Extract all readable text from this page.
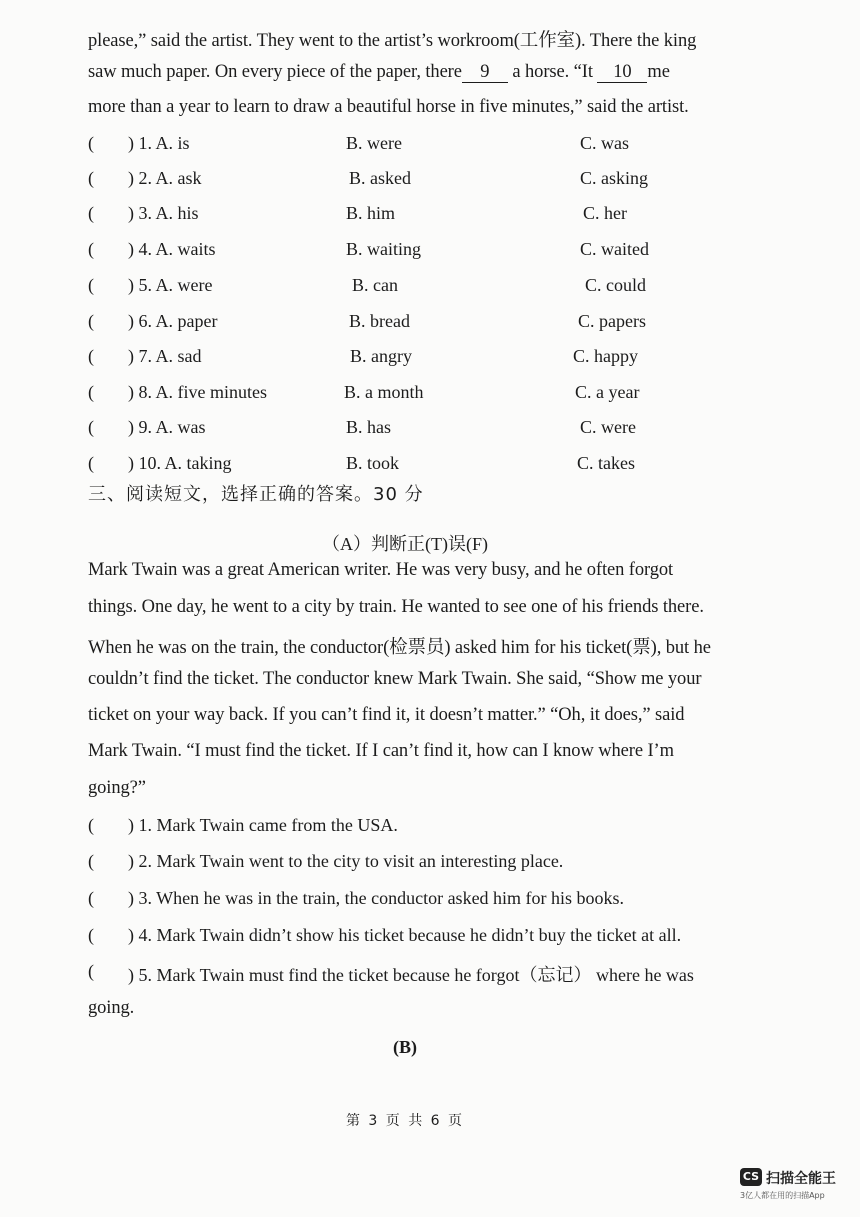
please,” said the artist. They went to the artist’s workroom(工作室). There the king
saw much paper. On every piece of the paper, there 9 a horse. “It 10 me
more than a year to learn to draw a beautiful horse in five minutes,” said the artist.
( ) 1. A. is	B. were	C. was
( ) 2. A. ask	B. asked	C. asking
( ) 3. A. his	B. him	C. her
( ) 4. A. waits	B. waiting	C. waited
( ) 5. A. were	B. can	C. could
( ) 6. A. paper	B. bread	C. papers
( ) 7. A. sad	B. angry	C. happy
( ) 8. A. five minutes	B. a month	C. a year
( ) 9. A. was	B. has	C. were
( ) 10. A. taking	B. took	C. takes
三、阅读短文，选择正确的答案。30 分
（A）判断正(T)误(F)
Mark Twain was a great American writer. He was very busy, and he often forgot
things. One day, he went to a city by train. He wanted to see one of his friends there.
When he was on the train, the conductor(检票员) asked him for his ticket(票), but he
couldn’t find the ticket. The conductor knew Mark Twain. She said, “Show me your
ticket on your way back. If you can’t find it, it doesn’t matter.” “Oh, it does,” said
Mark Twain. “I must find the ticket. If I can’t find it, how can I know where I’m
going?”
( ) 1. Mark Twain came from the USA.
( ) 2. Mark Twain went to the city to visit an interesting place.
( ) 3. When he was in the train, the conductor asked him for his books.
( ) 4. Mark Twain didn’t show his ticket because he didn’t buy the ticket at all.
( ) 5. Mark Twain must find the ticket because he forgot（忘记） where he was
going.
(B)
第 3 页 共 6 页
CS 扫描全能王
3亿人都在用的扫描App
